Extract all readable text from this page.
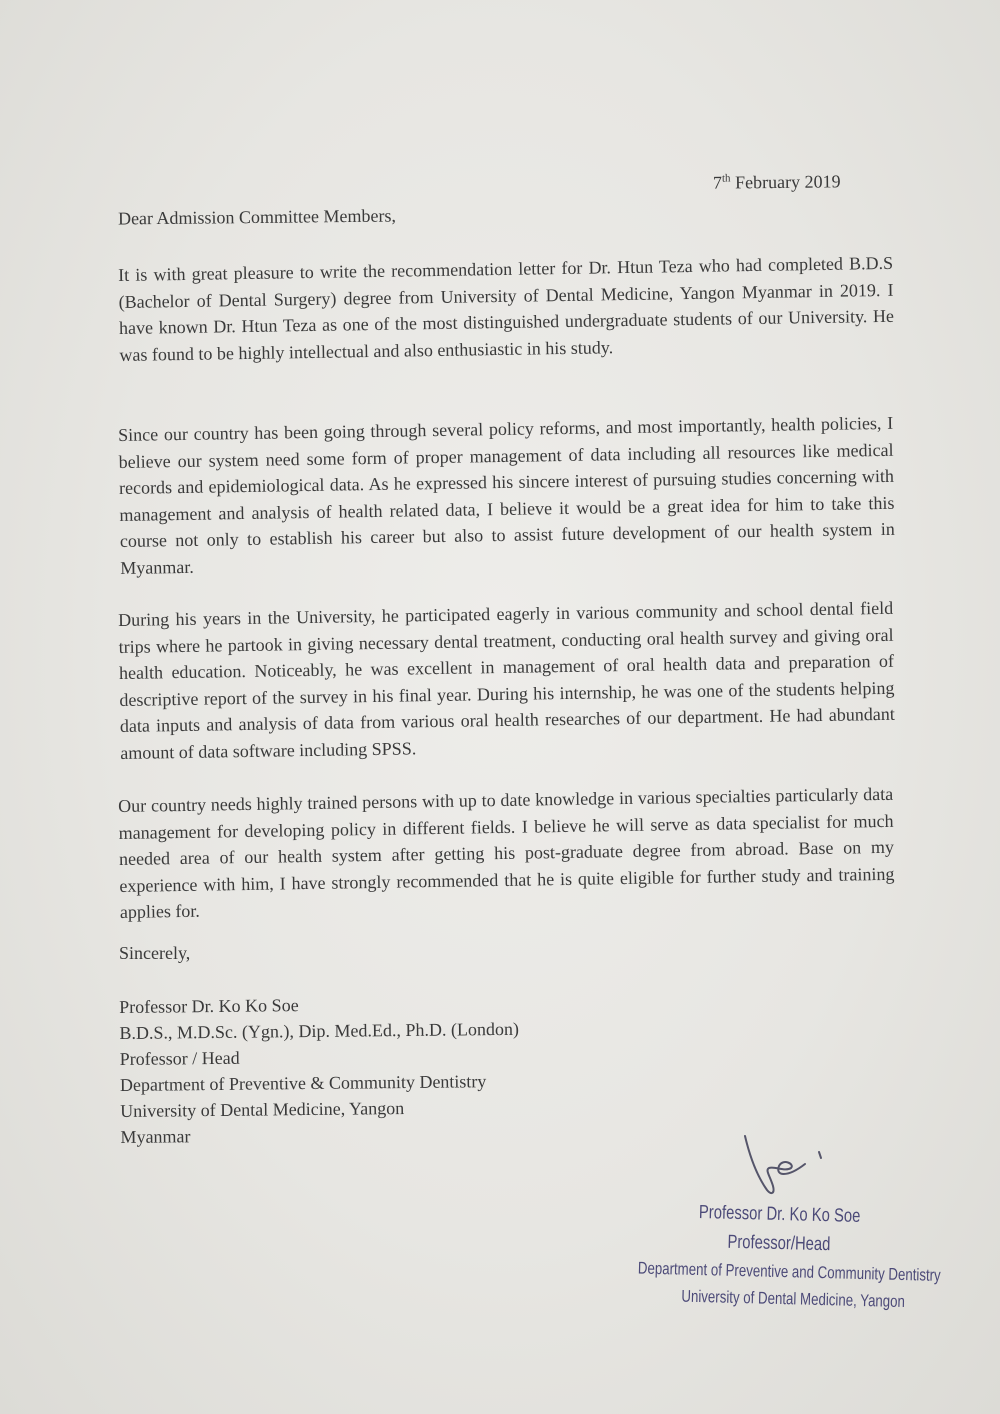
7th February 2019
Dear Admission Committee Members,

It is with great pleasure to write the recommendation letter for Dr. Htun Teza who had completed B.D.S (Bachelor of Dental Surgery) degree from University of Dental Medicine, Yangon Myanmar in 2019. I have known Dr. Htun Teza as one of the most distinguished undergraduate students of our University. He was found to be highly intellectual and also enthusiastic in his study.

Since our country has been going through several policy reforms, and most importantly, health policies, I believe our system need some form of proper management of data including all resources like medical records and epidemiological data. As he expressed his sincere interest of pursuing studies concerning with management and analysis of health related data, I believe it would be a great idea for him to take this course not only to establish his career but also to assist future development of our health system in Myanmar.

During his years in the University, he participated eagerly in various community and school dental field trips where he partook in giving necessary dental treatment, conducting oral health survey and giving oral health education. Noticeably, he was excellent in management of oral health data and preparation of descriptive report of the survey in his final year. During his internship, he was one of the students helping data inputs and analysis of data from various oral health researches of our department. He had abundant amount of data software including SPSS.

Our country needs highly trained persons with up to date knowledge in various specialties particularly data management for developing policy in different fields. I believe he will serve as data specialist for much needed area of our health system after getting his post-graduate degree from abroad. Base on my experience with him, I have strongly recommended that he is quite eligible for further study and training applies for.

Sincerely,
Professor Dr. Ko Ko Soe
B.D.S., M.D.Sc. (Ygn.), Dip. Med.Ed., Ph.D. (London)
Professor / Head
Department of Preventive & Community Dentistry
University of Dental Medicine, Yangon
Myanmar
Professor Dr. Ko Ko Soe
Professor/Head
Department of Preventive and Community Dentistry
University of Dental Medicine, Yangon
